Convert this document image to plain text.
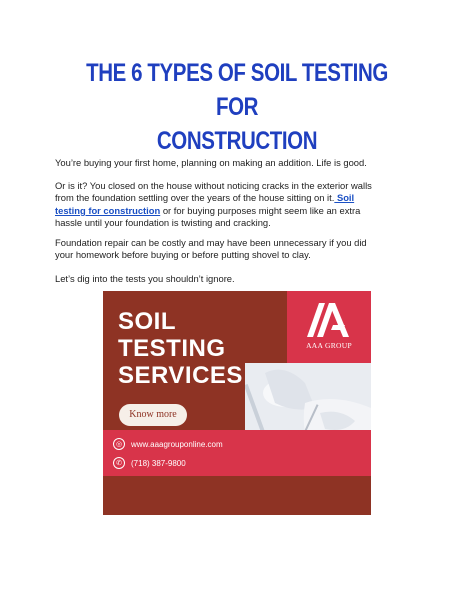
THE 6 TYPES OF SOIL TESTING FOR
CONSTRUCTION
You’re buying your first home, planning on making an addition. Life is good.
Or is it? You closed on the house without noticing cracks in the exterior walls from the foundation settling over the years of the house sitting on it. Soil testing for construction or for buying purposes might seem like an extra hassle until your foundation is twisting and cracking.
Foundation repair can be costly and may have been unnecessary if you did your homework before buying or before putting shovel to clay.
Let’s dig into the tests you shouldn’t ignore.
SOIL
TESTING
SERVICES
AAA GROUP
Know more
◎	www.aaagrouponline.com
✆	(718) 387-9800
